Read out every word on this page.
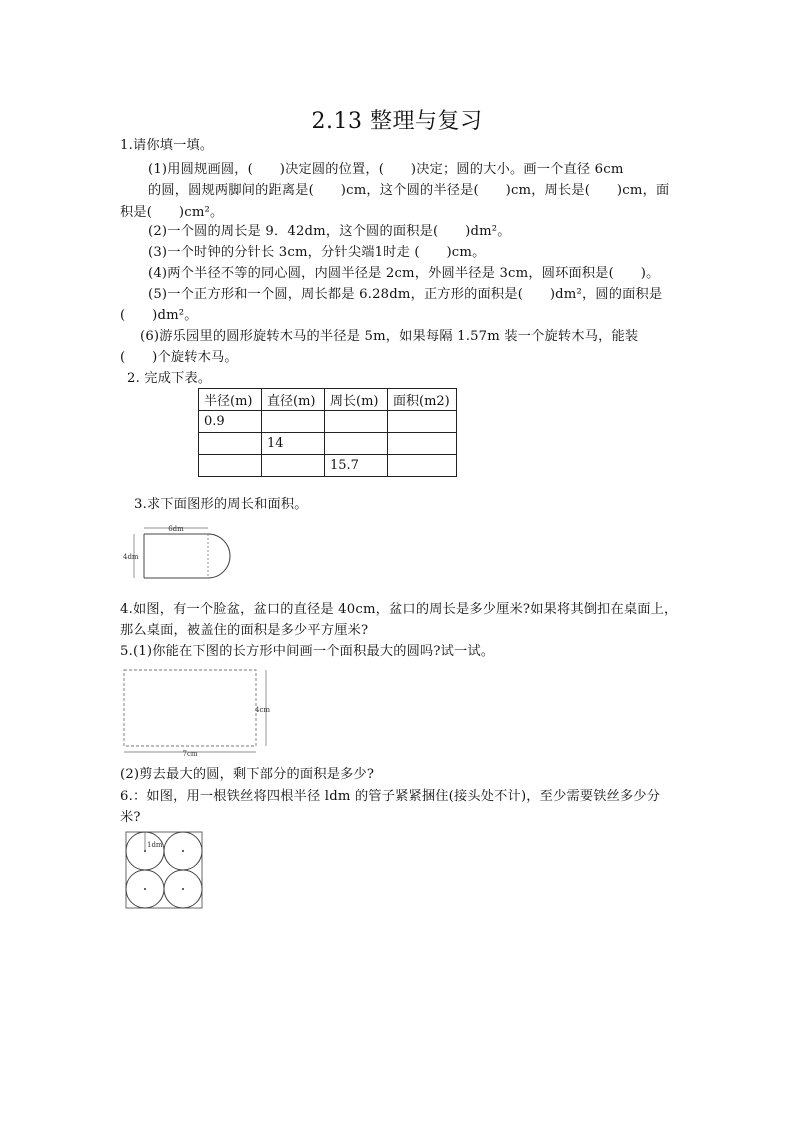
2.13 整理与复习
1.请你填一填。
(1)用圆规画圆，(　　)决定圆的位置，(　　)决定；圆的大小。画一个直径 6cm
的圆，圆规两脚间的距离是(　　)cm，这个圆的半径是(　　)cm，周长是(　　)cm，面
积是(　　)cm²。
(2)一个圆的周长是 9．42dm，这个圆的面积是(　　)dm²。
(3)一个时钟的分针长 3cm，分针尖端1时走 (　　)cm。
(4)两个半径不等的同心圆，内圆半径是 2cm，外圆半径是 3cm，圆环面积是(　　)。
(5)一个正方形和一个圆，周长都是 6.28dm，正方形的面积是(　　)dm²，圆的面积是
(　　)dm²。
(6)游乐园里的圆形旋转木马的半径是 5m，如果每隔 1.57m 装一个旋转木马，能装
(　　)个旋转木马。
2. 完成下表。
半径(m)	直径(m)	周长(m)	面积(m2)
0.9			
	14		
		15.7	
3.求下面图形的周长和面积。
6dm
4dm
4.如图，有一个脸盆，盆口的直径是 40cm，盆口的周长是多少厘米?如果将其倒扣在桌面上，
那么桌面，被盖住的面积是多少平方厘米?
5.(1)你能在下图的长方形中间画一个面积最大的圆吗?试一试。
7cm
4cm
(2)剪去最大的圆，剩下部分的面积是多少?
6.：如图，用一根铁丝将四根半径 ldm 的管子紧紧捆住(接头处不计)，至少需要铁丝多少分
米?
1dm
